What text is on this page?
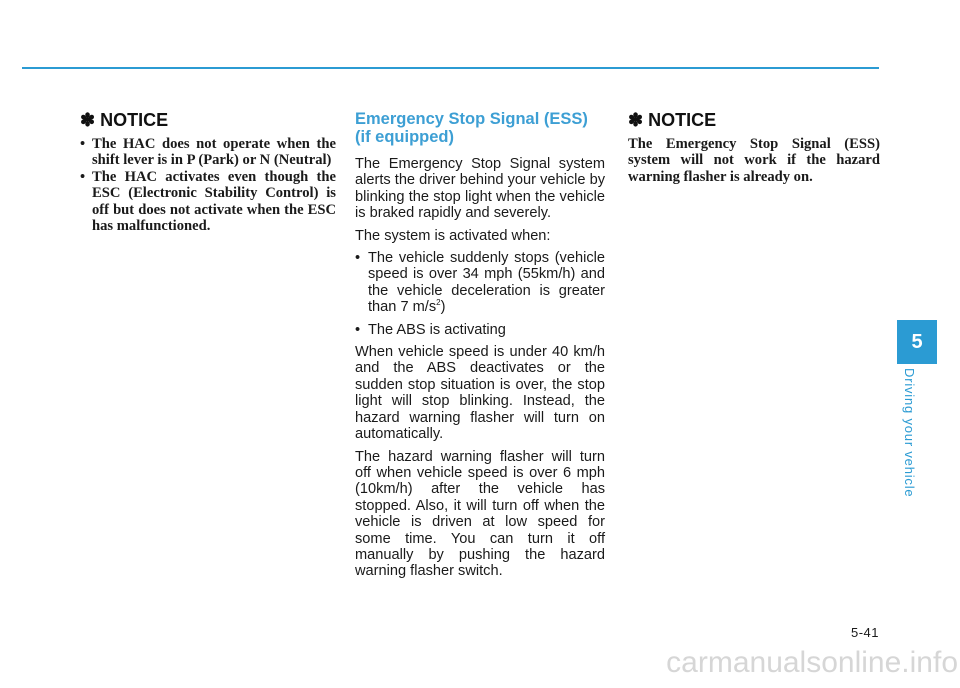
✽ NOTICE
• The HAC does not operate when the shift lever is in P (Park) or N (Neutral)
• The HAC activates even though the ESC (Electronic Stability Control) is off but does not activate when the ESC has malfunctioned.
Emergency Stop Signal (ESS) (if equipped)

The Emergency Stop Signal system alerts the driver behind your vehicle by blinking the stop light when the vehicle is braked rapidly and severely.

The system is activated when:

• The vehicle suddenly stops (vehicle speed is over 34 mph (55km/h) and the vehicle deceleration is greater than 7 $m/s^2$)
• The ABS is activating

When vehicle speed is under 40 km/h and the ABS deactivates or the sudden stop situation is over, the stop light will stop blinking. Instead, the hazard warning flasher will turn on automatically.

The hazard warning flasher will turn off when vehicle speed is over 6 mph (10km/h) after the vehicle has stopped. Also, it will turn off when the vehicle is driven at low speed for some time. You can turn it off manually by pushing the hazard warning flasher switch.

✽ NOTICE

The Emergency Stop Signal (ESS) system will not work if the hazard warning flasher is already on.

5
Driving your vehicle
5-41
carmanualsonline.info
